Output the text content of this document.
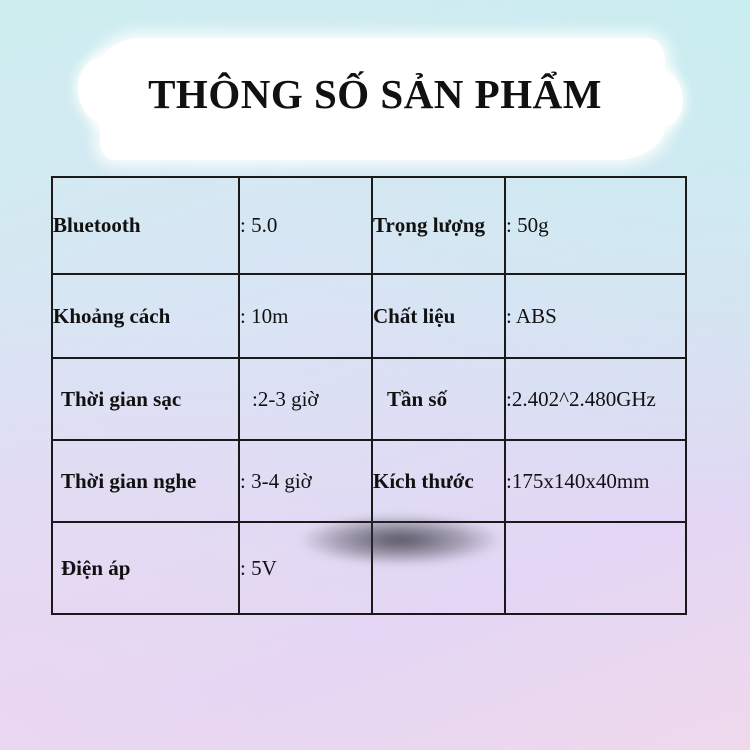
THÔNG SỐ SẢN PHẨM
Bluetooth	: 5.0	Trọng lượng	: 50g
Khoảng cách	: 10m	Chất liệu	: ABS
Thời gian sạc	:2-3 giờ	Tần số	:2.402^2.480GHz
Thời gian nghe	: 3-4 giờ	Kích thước	:175x140x40mm
Điện áp	: 5V		
